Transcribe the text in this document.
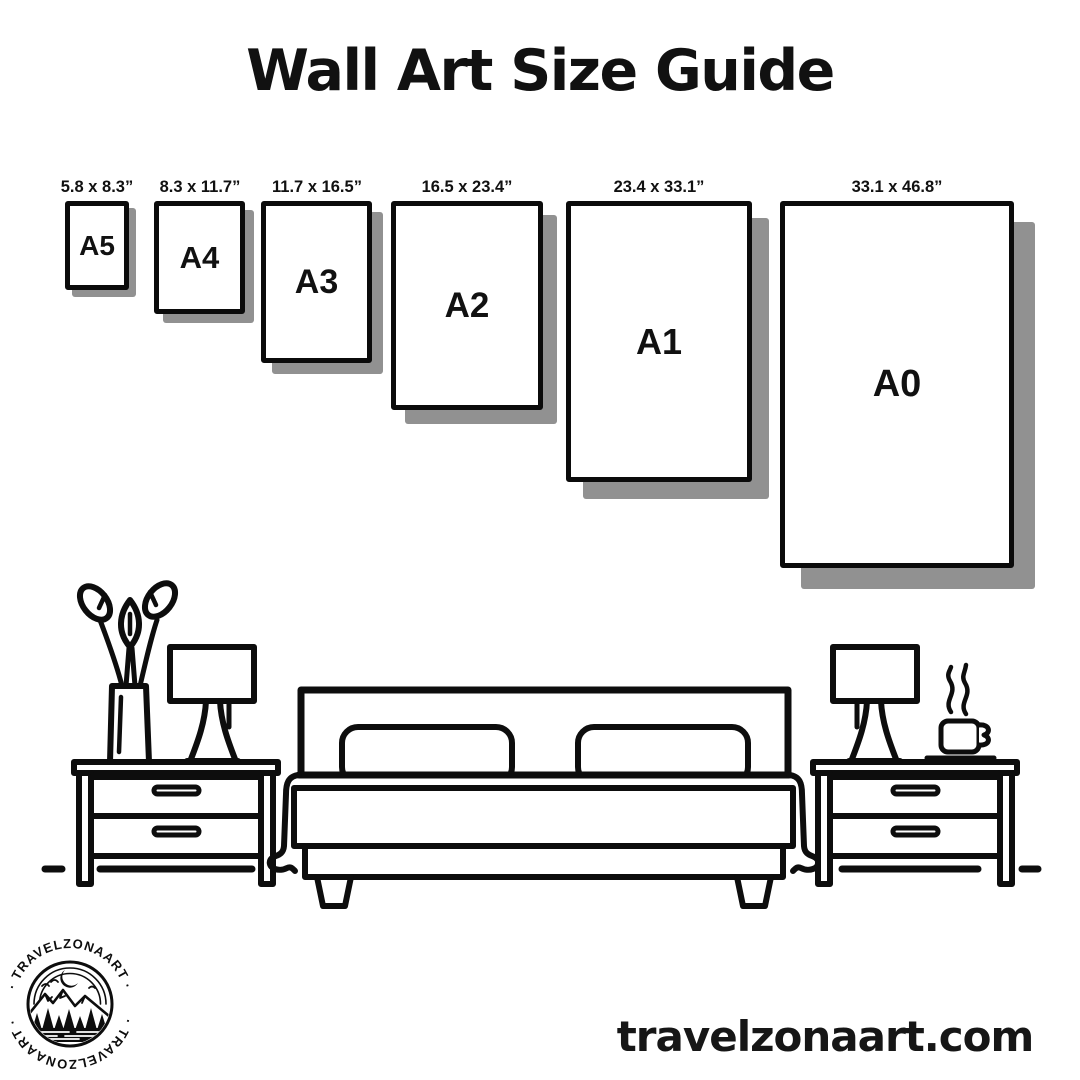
Wall Art Size Guide
5.8 x 8.3”	8.3 x 11.7”	11.7 x 16.5”	16.5 x 23.4”	23.4 x 33.1”	33.1 x 46.8”
A5 A4
A3
A2
A1
A0
· TRAVELZONAART ·
· TRAVELZONAART ·	travelzonaart.com
